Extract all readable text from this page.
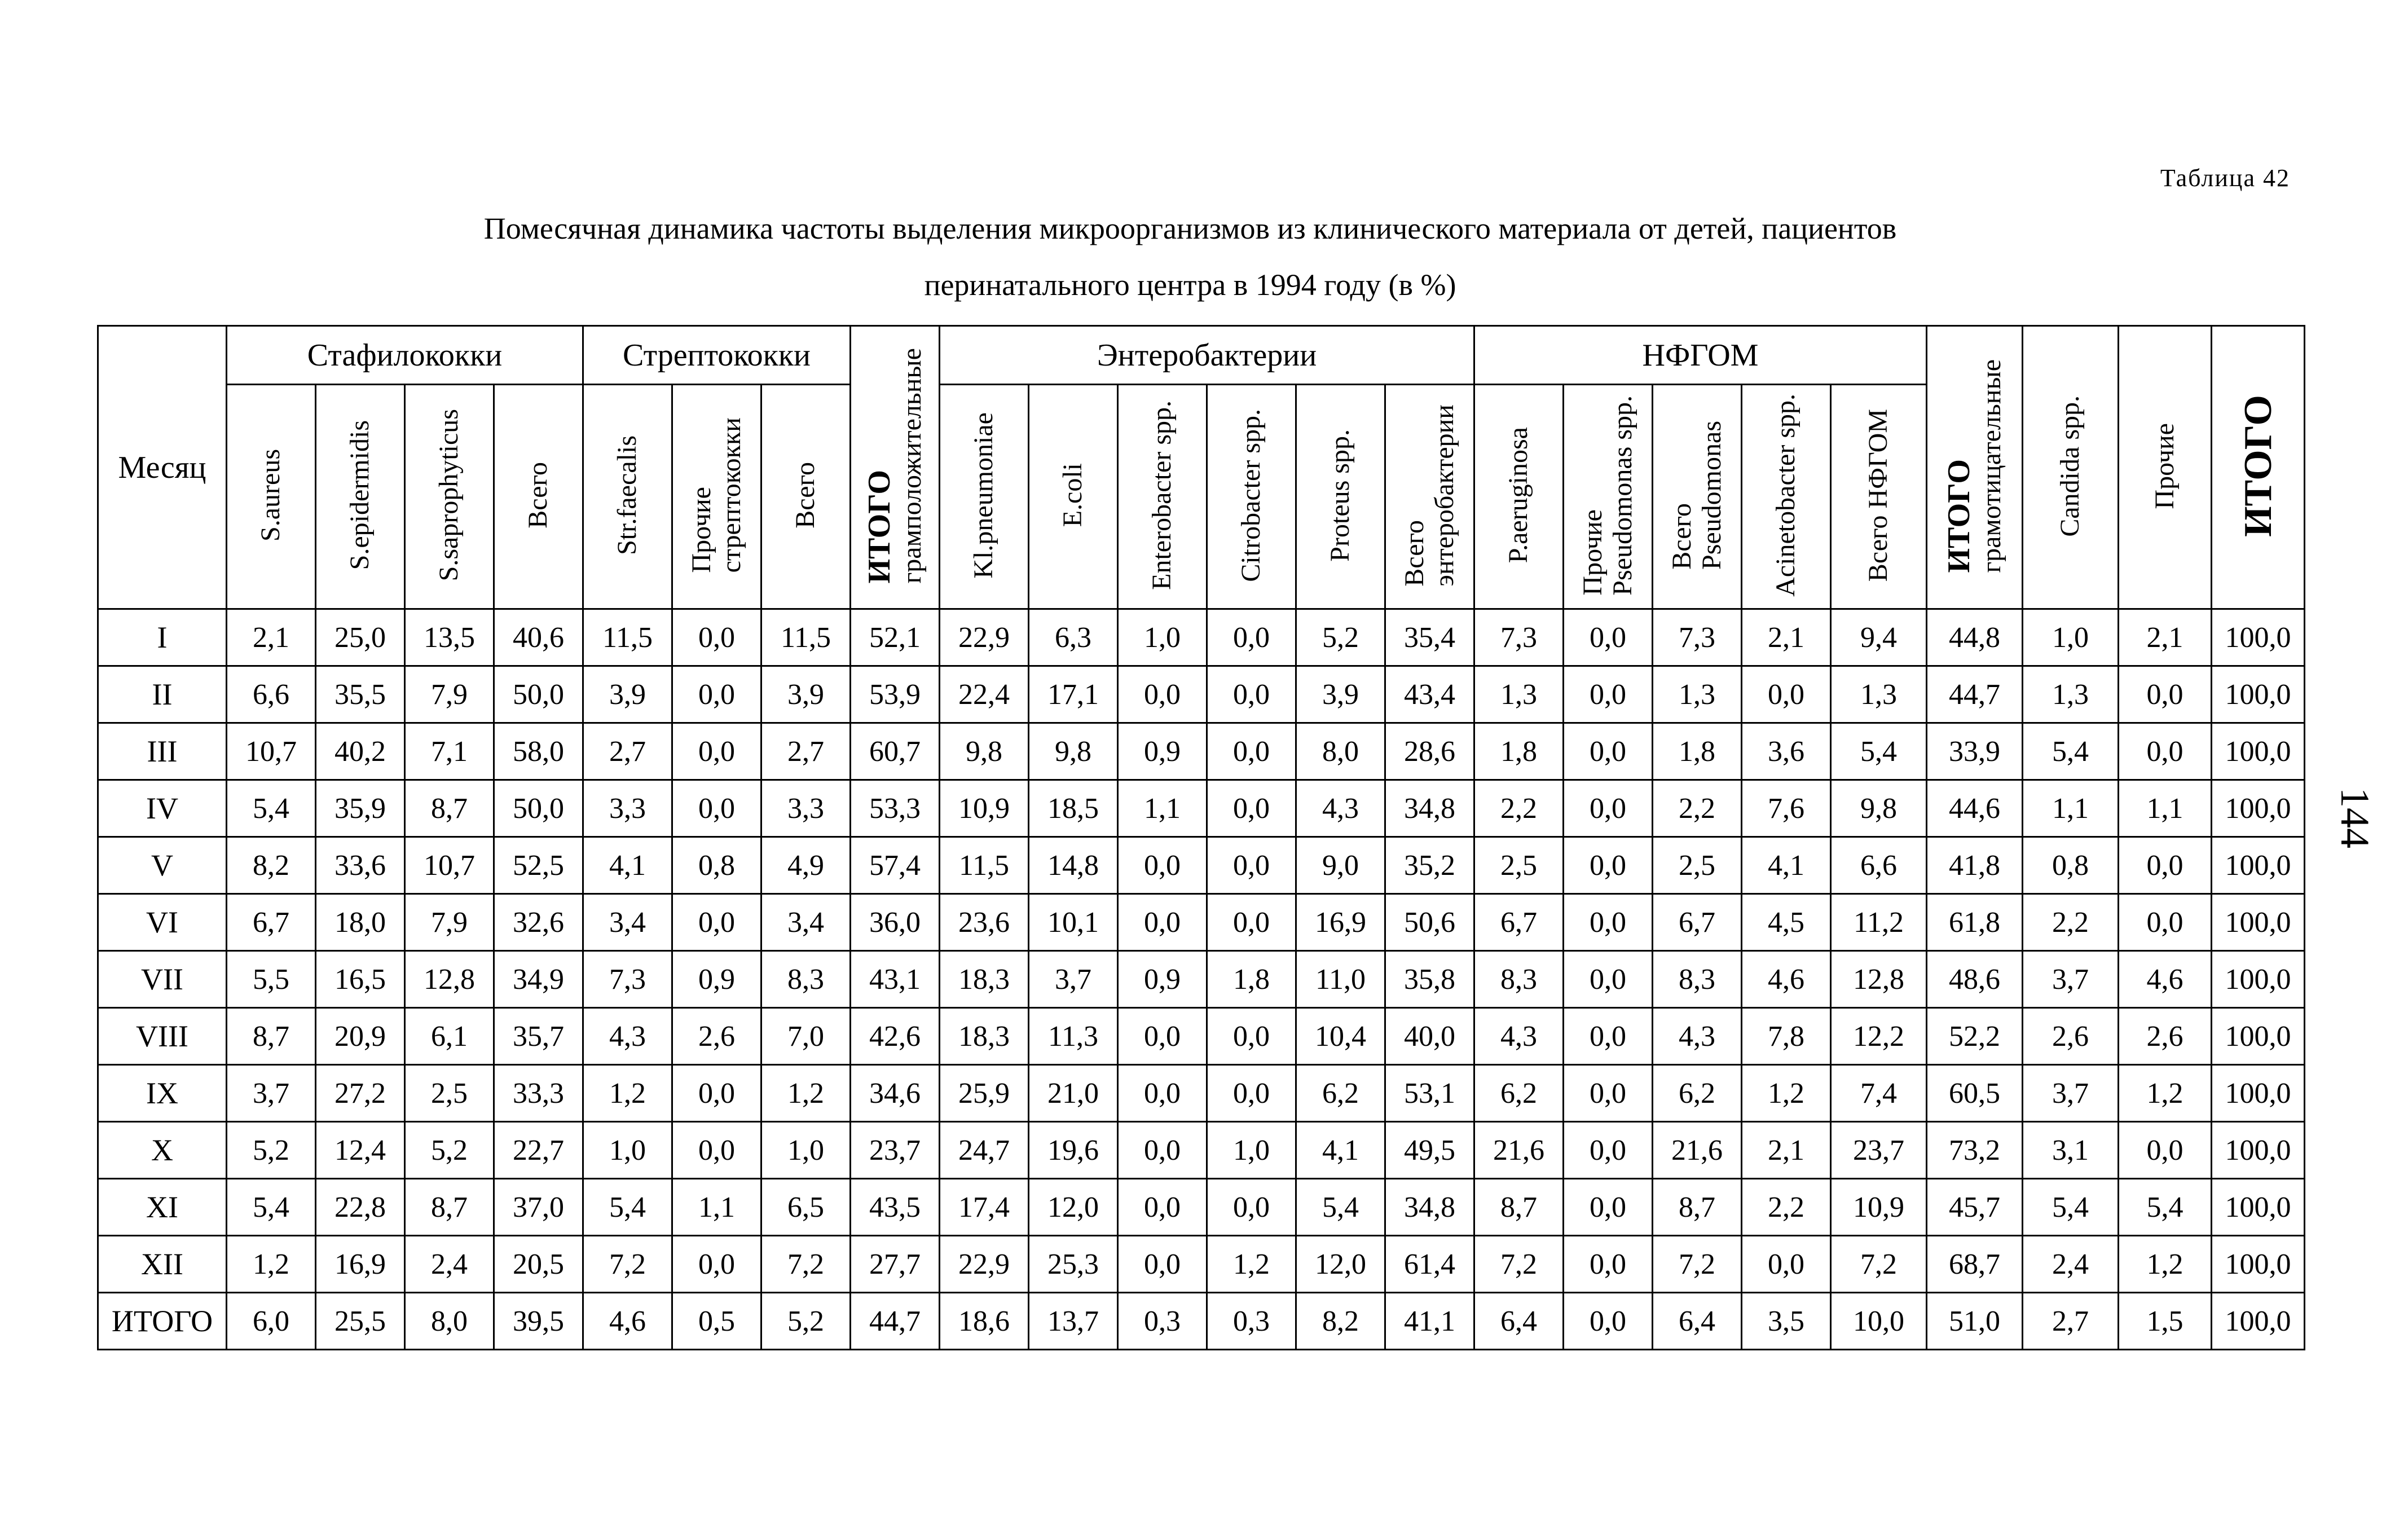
Таблица 42
Помесячная динамика частоты выделения микроорганизмов из клинического материала от детей, пациентов
перинатального центра в 1994 году (в %)
144
Месяц	Стафилококки				Стрептококки			ИТОГОграмположительные	Энтеробактерии						НФГОМ					ИТОГОграмотицательные	Candida spp.	Прочие	ИТОГО
	S.aureus	S.epidermidis	S.saprophyticus	Всего	Str.faecalis	Прочиестрептококки	Всего		Kl.pneumoniae	E.coli	Enterobacter spp.	Citrobacter spp.	Proteus spp.	Всегоэнтеробактерии	P.aeruginosa	ПрочиеPseudomonas spp.	ВсегоPseudomonas	Acinetobacter spp.	Всего НФГОМ				
I	2,1	25,0	13,5	40,6	11,5	0,0	11,5	52,1	22,9	6,3	1,0	0,0	5,2	35,4	7,3	0,0	7,3	2,1	9,4	44,8	1,0	2,1	100,0
II	6,6	35,5	7,9	50,0	3,9	0,0	3,9	53,9	22,4	17,1	0,0	0,0	3,9	43,4	1,3	0,0	1,3	0,0	1,3	44,7	1,3	0,0	100,0
III	10,7	40,2	7,1	58,0	2,7	0,0	2,7	60,7	9,8	9,8	0,9	0,0	8,0	28,6	1,8	0,0	1,8	3,6	5,4	33,9	5,4	0,0	100,0
IV	5,4	35,9	8,7	50,0	3,3	0,0	3,3	53,3	10,9	18,5	1,1	0,0	4,3	34,8	2,2	0,0	2,2	7,6	9,8	44,6	1,1	1,1	100,0
V	8,2	33,6	10,7	52,5	4,1	0,8	4,9	57,4	11,5	14,8	0,0	0,0	9,0	35,2	2,5	0,0	2,5	4,1	6,6	41,8	0,8	0,0	100,0
VI	6,7	18,0	7,9	32,6	3,4	0,0	3,4	36,0	23,6	10,1	0,0	0,0	16,9	50,6	6,7	0,0	6,7	4,5	11,2	61,8	2,2	0,0	100,0
VII	5,5	16,5	12,8	34,9	7,3	0,9	8,3	43,1	18,3	3,7	0,9	1,8	11,0	35,8	8,3	0,0	8,3	4,6	12,8	48,6	3,7	4,6	100,0
VIII	8,7	20,9	6,1	35,7	4,3	2,6	7,0	42,6	18,3	11,3	0,0	0,0	10,4	40,0	4,3	0,0	4,3	7,8	12,2	52,2	2,6	2,6	100,0
IX	3,7	27,2	2,5	33,3	1,2	0,0	1,2	34,6	25,9	21,0	0,0	0,0	6,2	53,1	6,2	0,0	6,2	1,2	7,4	60,5	3,7	1,2	100,0
X	5,2	12,4	5,2	22,7	1,0	0,0	1,0	23,7	24,7	19,6	0,0	1,0	4,1	49,5	21,6	0,0	21,6	2,1	23,7	73,2	3,1	0,0	100,0
XI	5,4	22,8	8,7	37,0	5,4	1,1	6,5	43,5	17,4	12,0	0,0	0,0	5,4	34,8	8,7	0,0	8,7	2,2	10,9	45,7	5,4	5,4	100,0
XII	1,2	16,9	2,4	20,5	7,2	0,0	7,2	27,7	22,9	25,3	0,0	1,2	12,0	61,4	7,2	0,0	7,2	0,0	7,2	68,7	2,4	1,2	100,0
ИТОГО	6,0	25,5	8,0	39,5	4,6	0,5	5,2	44,7	18,6	13,7	0,3	0,3	8,2	41,1	6,4	0,0	6,4	3,5	10,0	51,0	2,7	1,5	100,0
